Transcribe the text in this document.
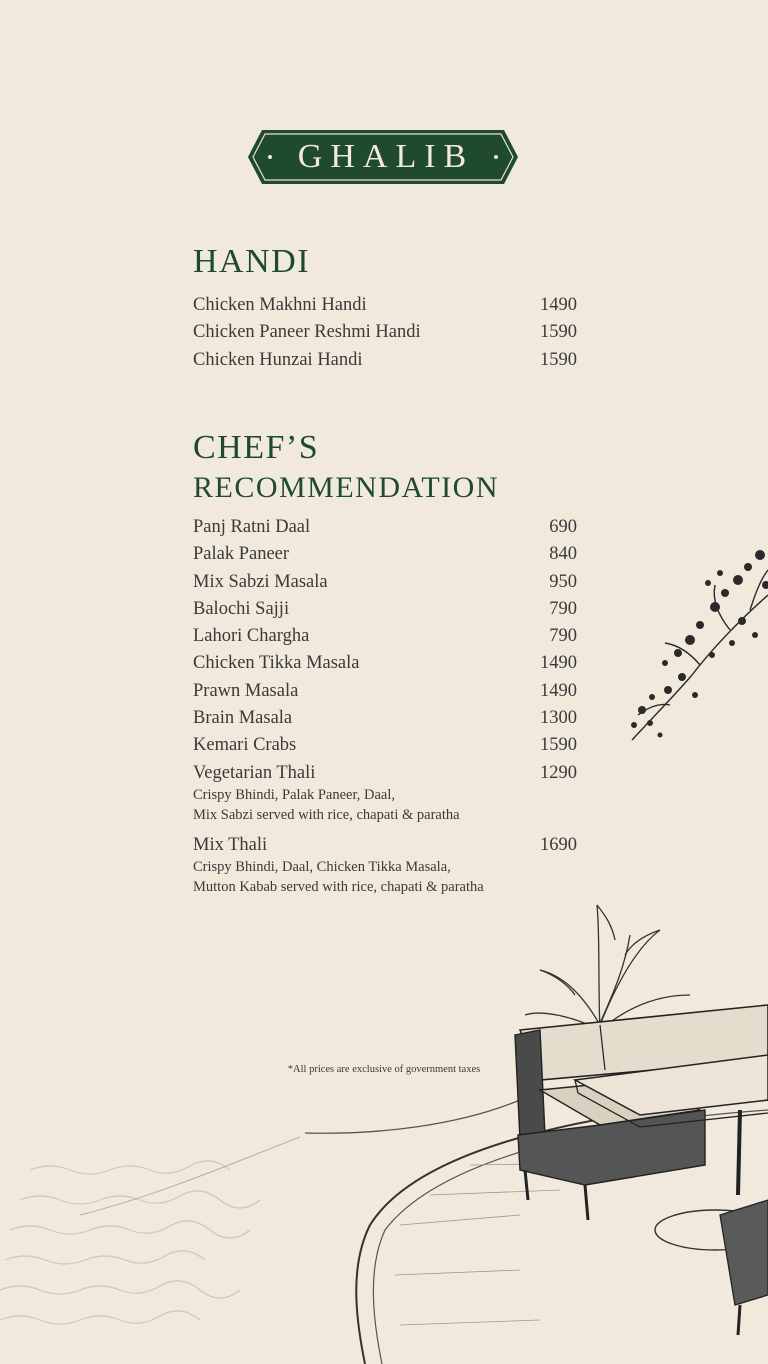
GHALIB
HANDI
Chicken Makhni Handi	1490
Chicken Paneer Reshmi Handi	1590
Chicken Hunzai Handi	1590
CHEF’S
RECOMMENDATION
Panj Ratni Daal	690
Palak Paneer	840
Mix Sabzi Masala	950
Balochi Sajji	790
Lahori Chargha	790
Chicken Tikka Masala	1490
Prawn Masala	1490
Brain Masala	1300
Kemari Crabs	1590
Vegetarian Thali	1290
Crispy Bhindi, Palak Paneer, Daal,
Mix Sabzi served with rice, chapati & paratha
Mix Thali	1690
Crispy Bhindi, Daal, Chicken Tikka Masala,
Mutton Kabab served with rice, chapati & paratha
*All prices are exclusive of government taxes
